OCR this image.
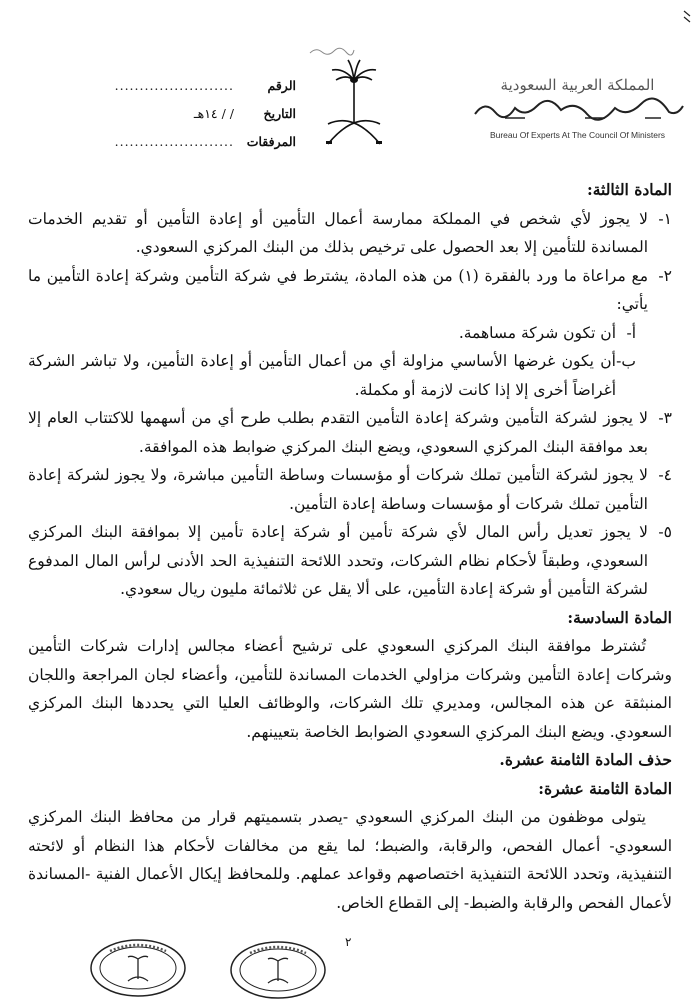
الرقم
........................
التاريخ
/ / ١٤هـ
المرفقات
........................
المملكة العربية السعودية
Bureau Of Experts At The Council Of Ministers
المادة الثالثة:
١-
لا يجوز لأي شخص في المملكة ممارسة أعمال التأمين أو إعادة التأمين أو تقديم الخدمات المساندة للتأمين إلا بعد الحصول على ترخيص بذلك من البنك المركزي السعودي.
٢-
مع مراعاة ما ورد بالفقرة (١) من هذه المادة، يشترط في شركة التأمين وشركة إعادة التأمين ما يأتي:
أ-
أن تكون شركة مساهمة.
ب-
أن يكون غرضها الأساسي مزاولة أي من أعمال التأمين أو إعادة التأمين، ولا تباشر الشركة أغراضاً أخرى إلا إذا كانت لازمة أو مكملة.
٣-
لا يجوز لشركة التأمين وشركة إعادة التأمين التقدم بطلب طرح أي من أسهمها للاكتتاب العام إلا بعد موافقة البنك المركزي السعودي، ويضع البنك المركزي ضوابط هذه الموافقة.
٤-
لا يجوز لشركة التأمين تملك شركات أو مؤسسات وساطة التأمين مباشرة، ولا يجوز لشركة إعادة التأمين تملك شركات أو مؤسسات وساطة إعادة التأمين.
٥-
لا يجوز تعديل رأس المال لأي شركة تأمين أو شركة إعادة تأمين إلا بموافقة البنك المركزي السعودي، وطبقاً لأحكام نظام الشركات، وتحدد اللائحة التنفيذية الحد الأدنى لرأس المال المدفوع لشركة التأمين أو شركة إعادة التأمين، على ألا يقل عن ثلاثمائة مليون ريال سعودي.
المادة السادسة:
تُشترط موافقة البنك المركزي السعودي على ترشيح أعضاء مجالس إدارات شركات التأمين وشركات إعادة التأمين وشركات مزاولي الخدمات المساندة للتأمين، وأعضاء لجان المراجعة واللجان المنبثقة عن هذه المجالس، ومديري تلك الشركات، والوظائف العليا التي يحددها البنك المركزي السعودي. ويضع البنك المركزي السعودي الضوابط الخاصة بتعيينهم.
حذف المادة الثامنة عشرة.
المادة الثامنة عشرة:
يتولى موظفون من البنك المركزي السعودي -يصدر بتسميتهم قرار من محافظ البنك المركزي السعودي- أعمال الفحص، والرقابة، والضبط؛ لما يقع من مخالفات لأحكام هذا النظام أو لائحته التنفيذية، وتحدد اللائحة التنفيذية اختصاصهم وقواعد عملهم. وللمحافظ إيكال الأعمال الفنية -المساندة لأعمال الفحص والرقابة والضبط- إلى القطاع الخاص.
٢
